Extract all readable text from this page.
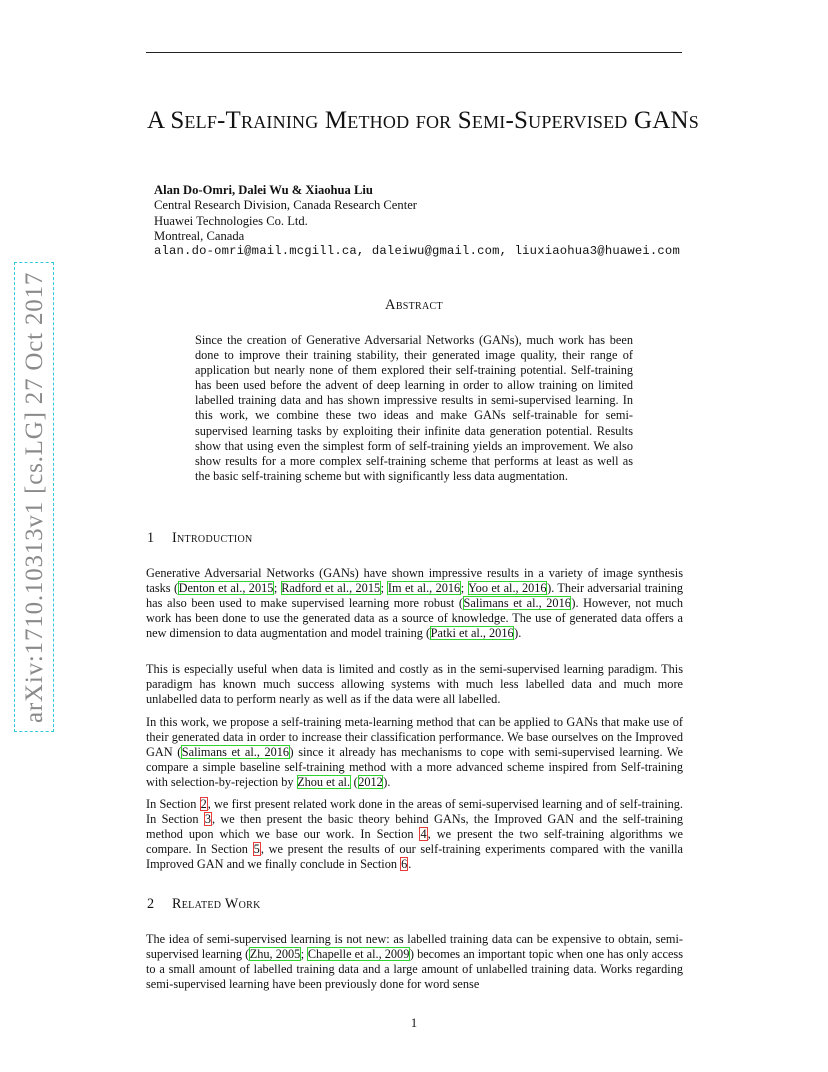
arXiv:1710.10313v1 [cs.LG] 27 Oct 2017
A Self-Training Method for Semi-Supervised GANs
Alan Do-Omri, Dalei Wu & Xiaohua Liu
Central Research Division, Canada Research Center
Huawei Technologies Co. Ltd.
Montreal, Canada
alan.do-omri@mail.mcgill.ca, daleiwu@gmail.com, liuxiaohua3@huawei.com
Abstract

Since the creation of Generative Adversarial Networks (GANs), much work has been done to improve their training stability, their generated image quality, their range of application but nearly none of them explored their self-training potential. Self-training has been used before the advent of deep learning in order to allow training on limited labelled training data and has shown impressive results in semi-supervised learning. In this work, we combine these two ideas and make GANs self-trainable for semi-supervised learning tasks by exploiting their infinite data generation potential. Results show that using even the simplest form of self-training yields an improvement. We also show results for a more complex self-training scheme that performs at least as well as the basic self-training scheme but with significantly less data augmentation.

1 Introduction

Generative Adversarial Networks (GANs) have shown impressive results in a variety of image synthesis tasks (Denton et al., 2015; Radford et al., 2015; Im et al., 2016; Yoo et al., 2016). Their adversarial training has also been used to make supervised learning more robust (Salimans et al., 2016). However, not much work has been done to use the generated data as a source of knowledge. The use of generated data offers a new dimension to data augmentation and model training (Patki et al., 2016).

This is especially useful when data is limited and costly as in the semi-supervised learning paradigm. This paradigm has known much success allowing systems with much less labelled data and much more unlabelled data to perform nearly as well as if the data were all labelled.

In this work, we propose a self-training meta-learning method that can be applied to GANs that make use of their generated data in order to increase their classification performance. We base ourselves on the Improved GAN (Salimans et al., 2016) since it already has mechanisms to cope with semi-supervised learning. We compare a simple baseline self-training method with a more advanced scheme inspired from Self-training with selection-by-rejection by Zhou et al. (2012).

In Section 2, we first present related work done in the areas of semi-supervised learning and of self-training. In Section 3, we then present the basic theory behind GANs, the Improved GAN and the self-training method upon which we base our work. In Section 4, we present the two self-training algorithms we compare. In Section 5, we present the results of our self-training experiments compared with the vanilla Improved GAN and we finally conclude in Section 6.

2 Related Work

The idea of semi-supervised learning is not new: as labelled training data can be expensive to obtain, semi-supervised learning (Zhu, 2005; Chapelle et al., 2009) becomes an important topic when one has only access to a small amount of labelled training data and a large amount of unlabelled training data. Works regarding semi-supervised learning have been previously done for word sense

1
